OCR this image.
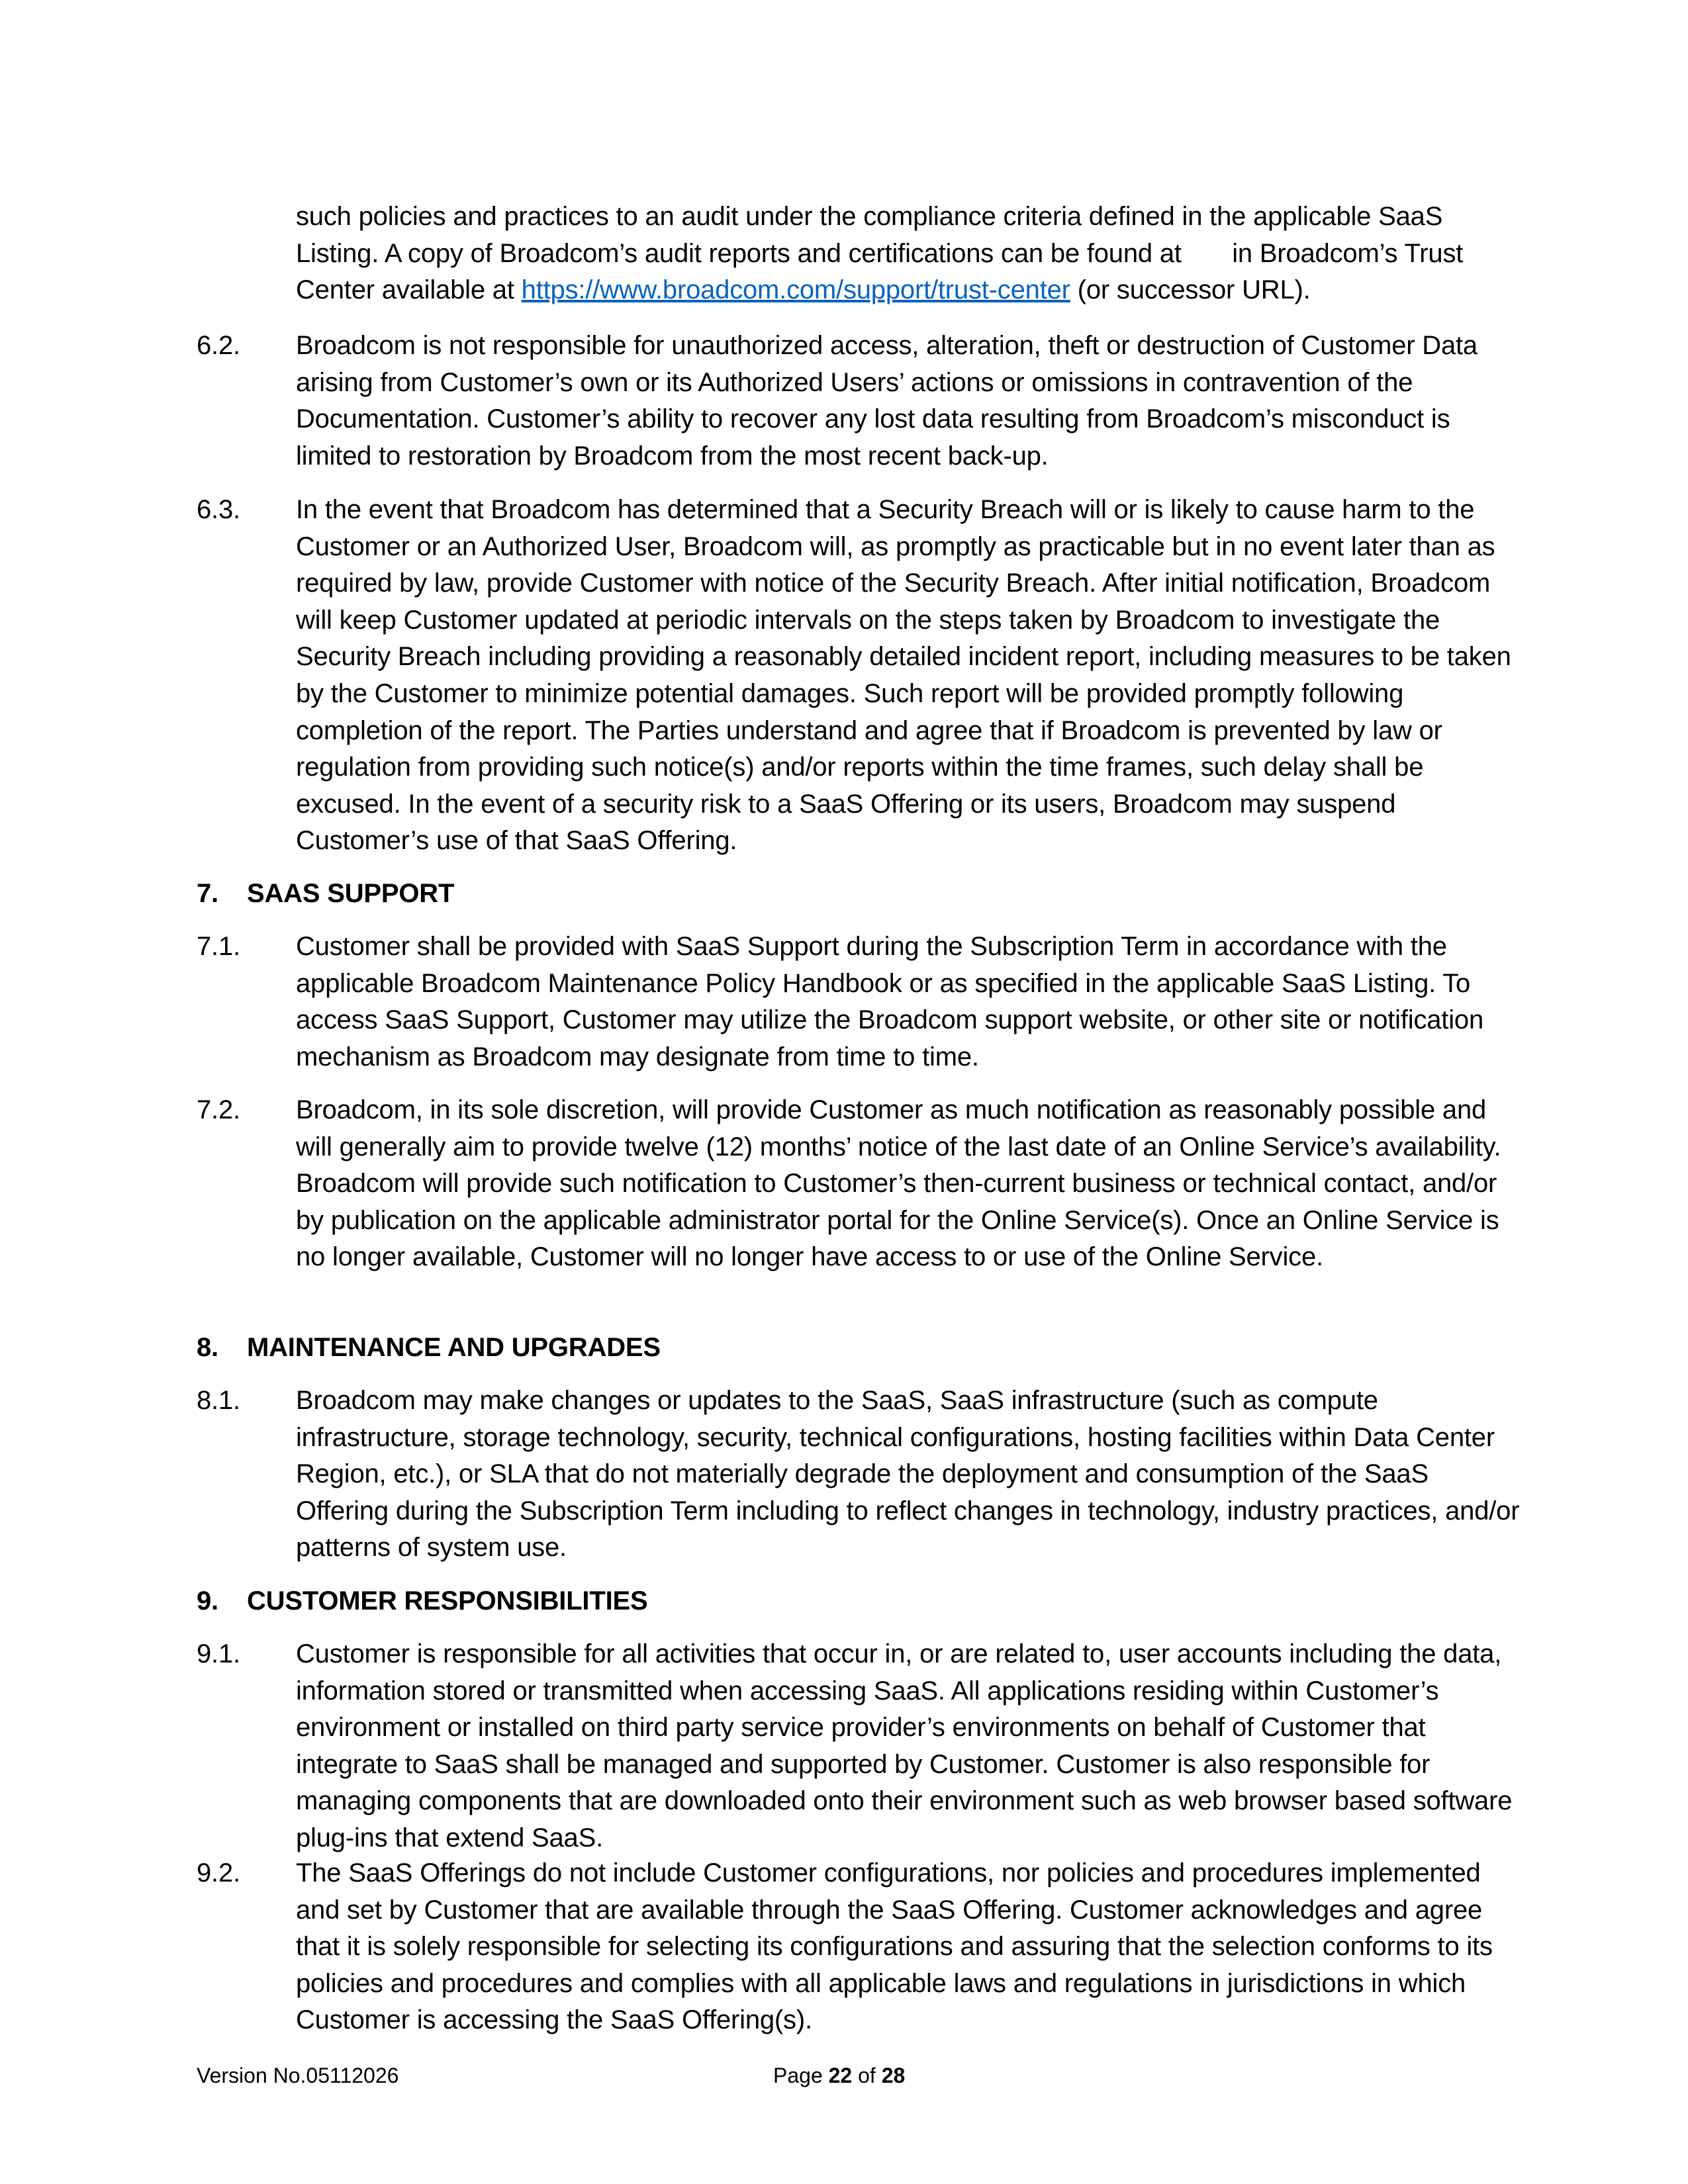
such policies and practices to an audit under the compliance criteria defined in the applicable SaaS Listing. A copy of Broadcom’s audit reports and certifications can be found at in Broadcom’s Trust Center available at https://www.broadcom.com/support/trust-center (or successor URL).

6.2.	Broadcom is not responsible for unauthorized access, alteration, theft or destruction of Customer Data arising from Customer’s own or its Authorized Users’ actions or omissions in contravention of the Documentation. Customer’s ability to recover any lost data resulting from Broadcom’s misconduct is limited to restoration by Broadcom from the most recent back-up.

6.3.	In the event that Broadcom has determined that a Security Breach will or is likely to cause harm to the Customer or an Authorized User, Broadcom will, as promptly as practicable but in no event later than as required by law, provide Customer with notice of the Security Breach. After initial notification, Broadcom will keep Customer updated at periodic intervals on the steps taken by Broadcom to investigate the Security Breach including providing a reasonably detailed incident report, including measures to be taken by the Customer to minimize potential damages. Such report will be provided promptly following completion of the report. The Parties understand and agree that if Broadcom is prevented by law or regulation from providing such notice(s) and/or reports within the time frames, such delay shall be excused. In the event of a security risk to a SaaS Offering or its users, Broadcom may suspend Customer’s use of that SaaS Offering.

7. SAAS SUPPORT
7.1.	Customer shall be provided with SaaS Support during the Subscription Term in accordance with the applicable Broadcom Maintenance Policy Handbook or as specified in the applicable SaaS Listing. To access SaaS Support, Customer may utilize the Broadcom support website, or other site or notification mechanism as Broadcom may designate from time to time.

7.2.	Broadcom, in its sole discretion, will provide Customer as much notification as reasonably possible and will generally aim to provide twelve (12) months’ notice of the last date of an Online Service’s availability. Broadcom will provide such notification to Customer’s then-current business or technical contact, and/or by publication on the applicable administrator portal for the Online Service(s). Once an Online Service is no longer available, Customer will no longer have access to or use of the Online Service.

8. MAINTENANCE AND UPGRADES
8.1.	Broadcom may make changes or updates to the SaaS, SaaS infrastructure (such as compute infrastructure, storage technology, security, technical configurations, hosting facilities within Data Center Region, etc.), or SLA that do not materially degrade the deployment and consumption of the SaaS Offering during the Subscription Term including to reflect changes in technology, industry practices, and/or patterns of system use.

9. CUSTOMER RESPONSIBILITIES
9.1.	Customer is responsible for all activities that occur in, or are related to, user accounts including the data, information stored or transmitted when accessing SaaS. All applications residing within Customer’s environment or installed on third party service provider’s environments on behalf of Customer that integrate to SaaS shall be managed and supported by Customer. Customer is also responsible for managing components that are downloaded onto their environment such as web browser based software plug-ins that extend SaaS.

9.2.	The SaaS Offerings do not include Customer configurations, nor policies and procedures implemented and set by Customer that are available through the SaaS Offering. Customer acknowledges and agree that it is solely responsible for selecting its configurations and assuring that the selection conforms to its policies and procedures and complies with all applicable laws and regulations in jurisdictions in which Customer is accessing the SaaS Offering(s).

Version No.05112026	Page 22 of 28
